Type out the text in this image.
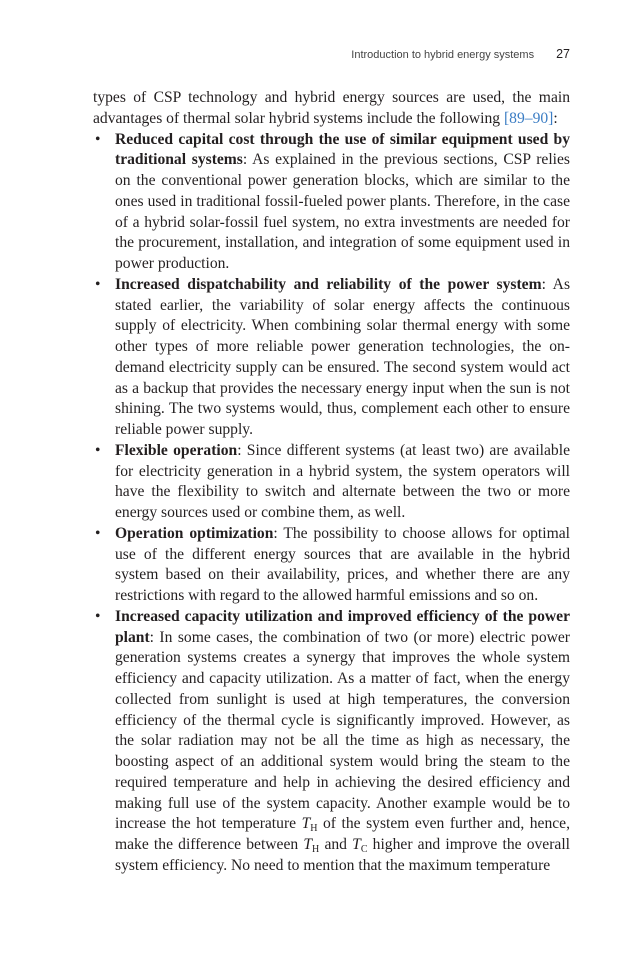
Introduction to hybrid energy systems 27

types of CSP technology and hybrid energy sources are used, the main advantages of thermal solar hybrid systems include the following [89–90]:

• Reduced capital cost through the use of similar equipment used by traditional systems: As explained in the previous sections, CSP relies on the conventional power generation blocks, which are similar to the ones used in traditional fossil-fueled power plants. Therefore, in the case of a hybrid solar-fossil fuel system, no extra investments are needed for the procurement, installation, and integration of some equipment used in power production.
• Increased dispatchability and reliability of the power system: As stated earlier, the variability of solar energy affects the continuous supply of electricity. When combining solar thermal energy with some other types of more reliable power generation technologies, the on-demand electricity supply can be ensured. The second system would act as a backup that provides the necessary energy input when the sun is not shining. The two systems would, thus, complement each other to ensure reliable power supply.
• Flexible operation: Since different systems (at least two) are available for electricity generation in a hybrid system, the system operators will have the flexibility to switch and alternate between the two or more energy sources used or combine them, as well.
• Operation optimization: The possibility to choose allows for optimal use of the different energy sources that are available in the hybrid system based on their availability, prices, and whether there are any restrictions with regard to the allowed harmful emissions and so on.
• Increased capacity utilization and improved efficiency of the power plant: In some cases, the combination of two (or more) electric power generation systems creates a synergy that improves the whole system efficiency and capacity utilization. As a matter of fact, when the energy collected from sunlight is used at high temperatures, the conversion efficiency of the thermal cycle is significantly improved. However, as the solar radiation may not be all the time as high as necessary, the boosting aspect of an additional system would bring the steam to the required temperature and help in achieving the desired efficiency and making full use of the system capacity. Another example would be to increase the hot temperature $T_H$ of the system even further and, hence, make the difference between $T_H$ and $T_C$ higher and improve the overall system efficiency. No need to mention that the maximum temperature
